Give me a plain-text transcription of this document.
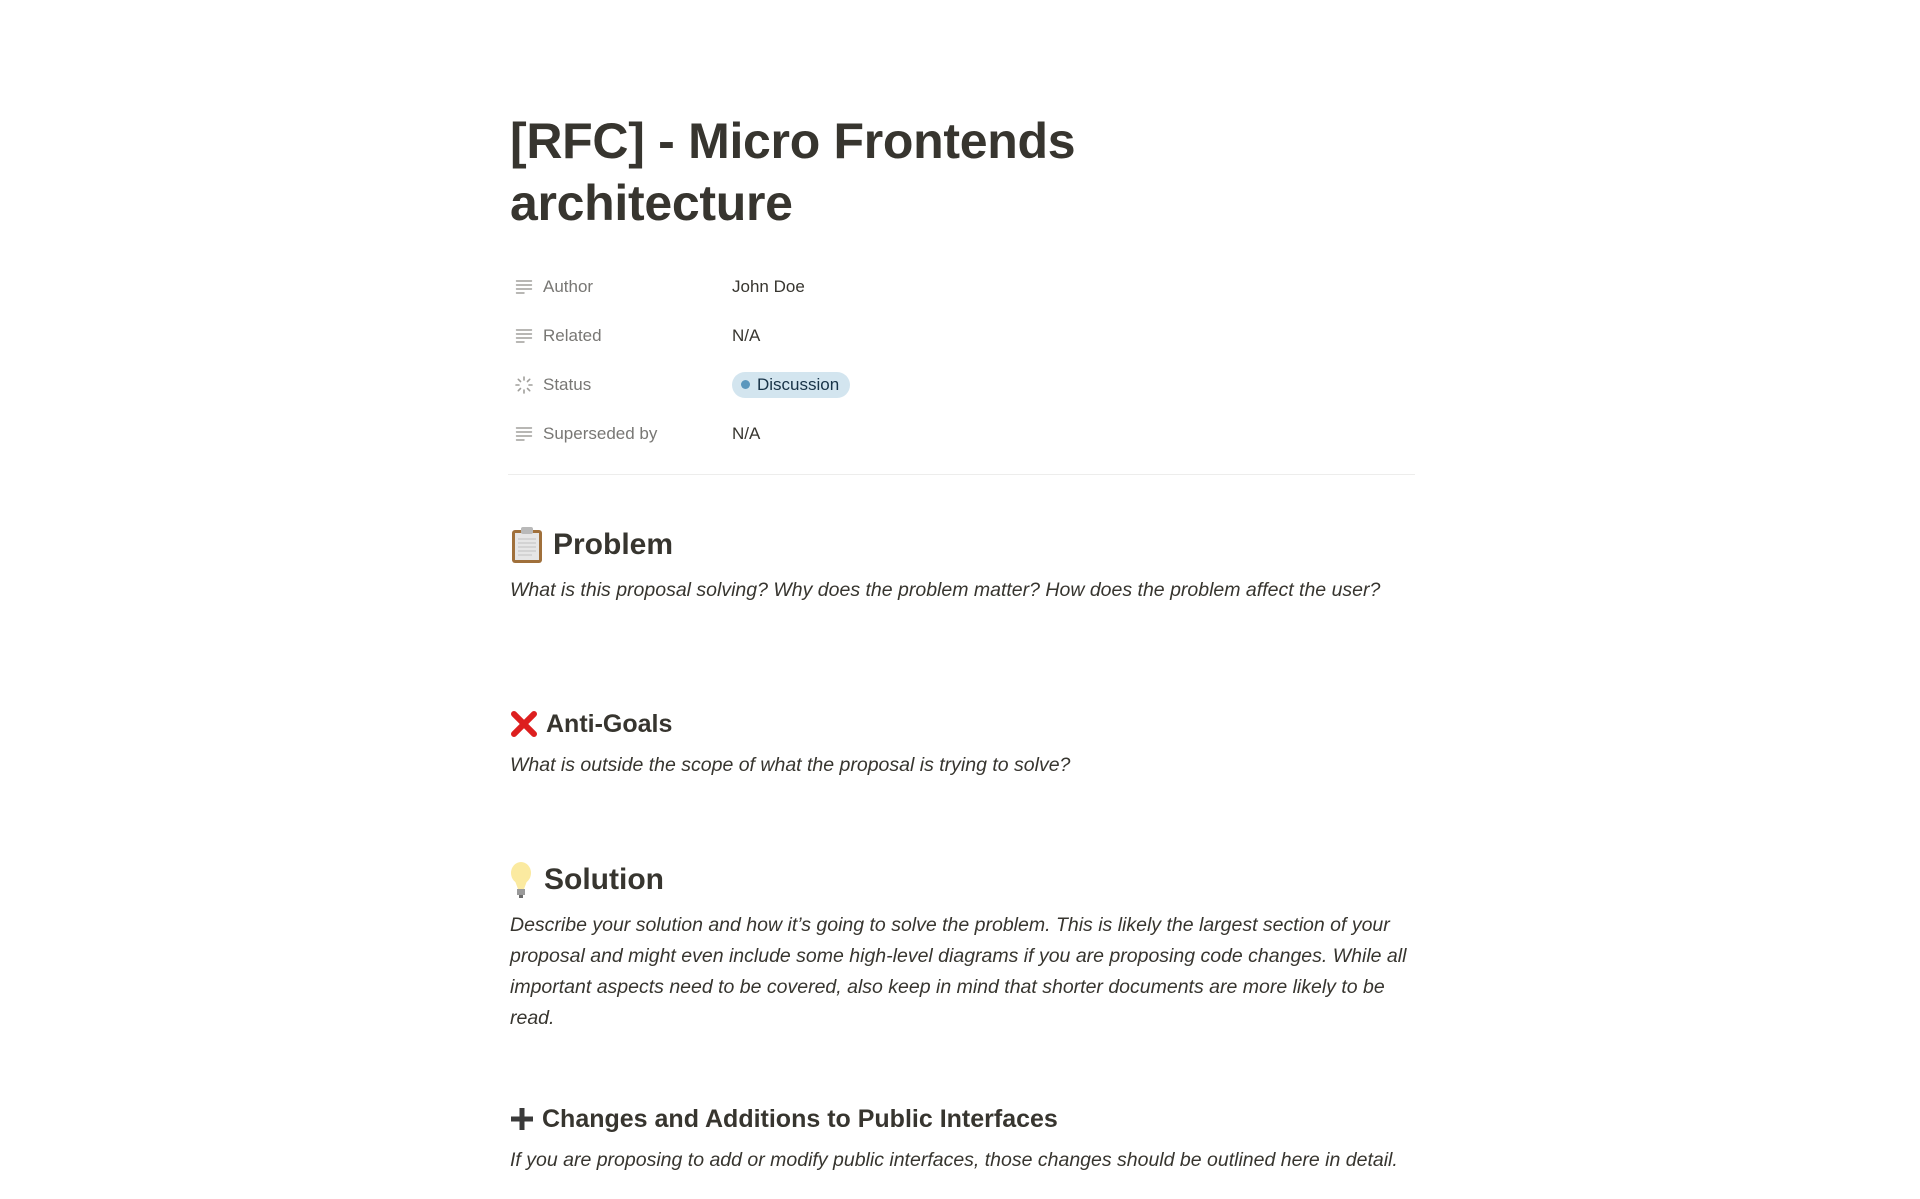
[RFC] - Micro Frontends architecture
Author	John Doe
Related	N/A
Status	Discussion
Superseded by	N/A
Problem

What is this proposal solving? Why does the problem matter? How does the problem affect the user?

Anti-Goals

What is outside the scope of what the proposal is trying to solve?

Solution

Describe your solution and how it’s going to solve the problem. This is likely the largest section of your proposal and might even include some high-level diagrams if you are proposing code changes. While all important aspects need to be covered, also keep in mind that shorter documents are more likely to be read.

Changes and Additions to Public Interfaces

If you are proposing to add or modify public interfaces, those changes should be outlined here in detail.
